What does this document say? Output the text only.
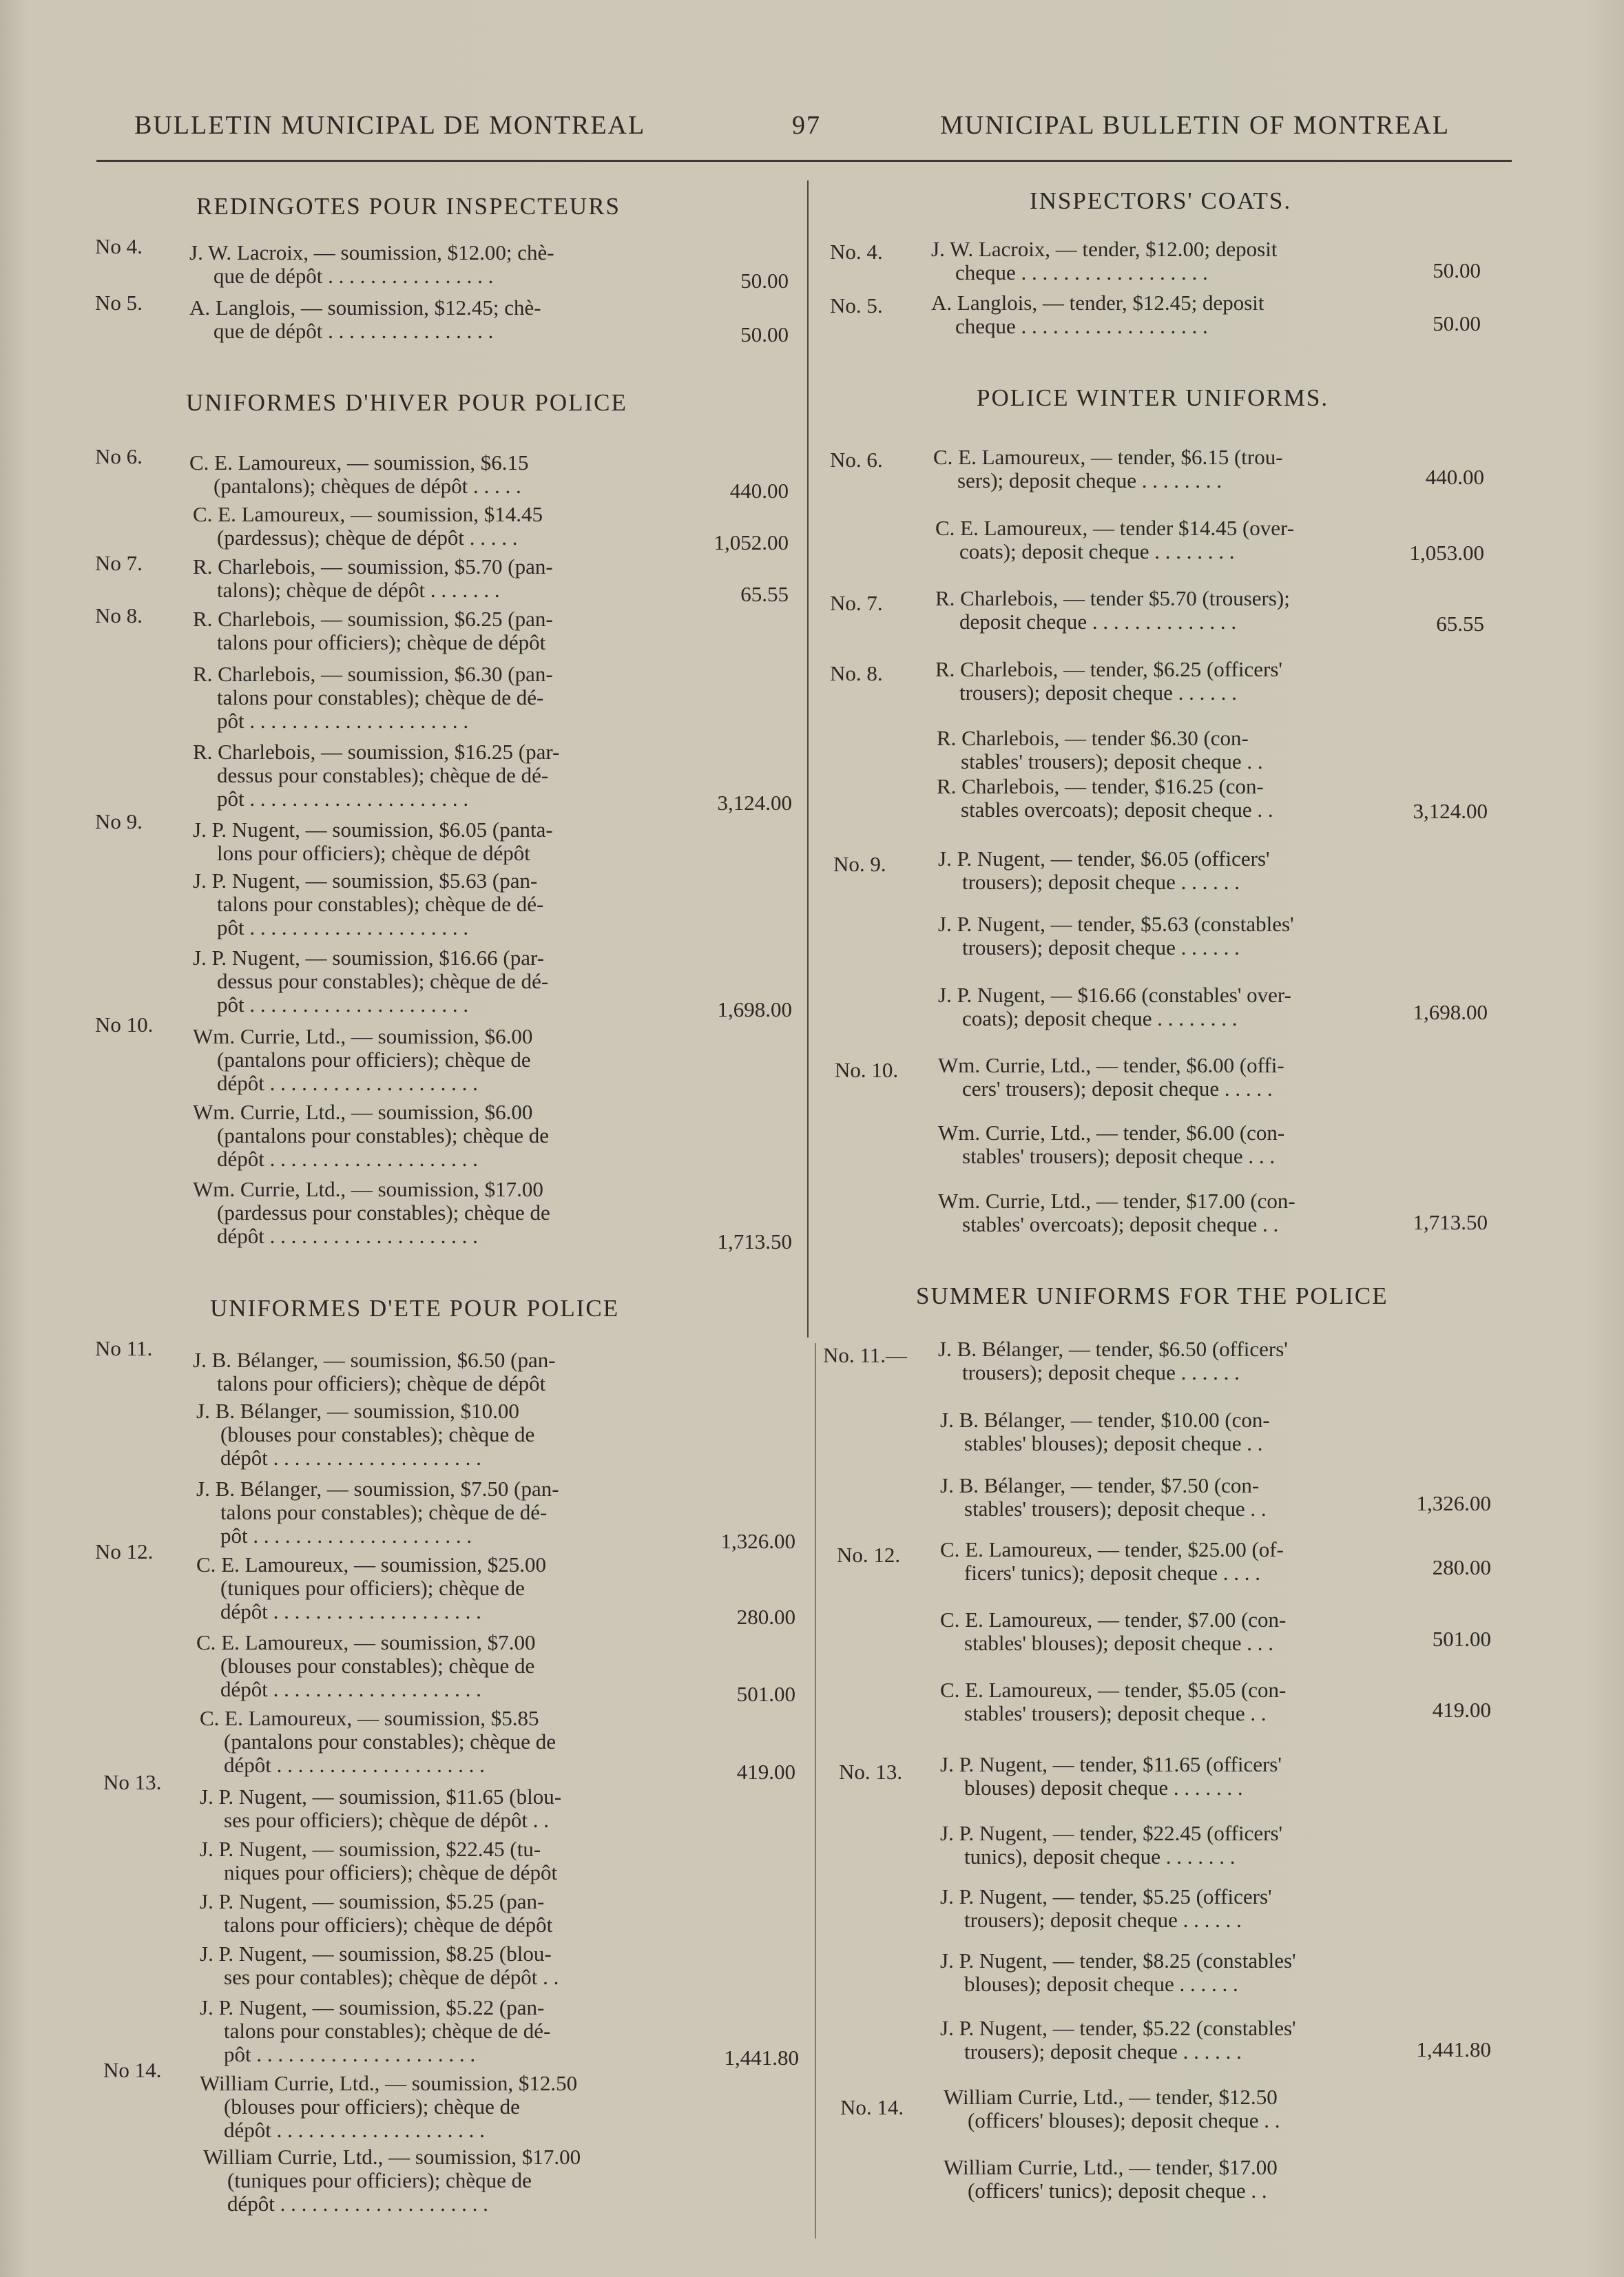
BULLETIN MUNICIPAL DE MONTREAL	97	MUNICIPAL BULLETIN OF MONTREAL
REDINGOTES POUR INSPECTEURS
UNIFORMES D'HIVER POUR POLICE
UNIFORMES D'ETE POUR POLICE
No 4.
No 5.
No 6.
No 7.
No 8.
No 9.
No 10.
No 11.
No 12.
No 13.
No 14.
J. W. Lacroix, — soumission, $12.00; chè-
que de dépôt . . . . . . . . . . . . . . . .
A. Langlois, — soumission, $12.45; chè-
que de dépôt . . . . . . . . . . . . . . . .
C. E. Lamoureux, — soumission, $6.15
(pantalons); chèques de dépôt . . . . .
C. E. Lamoureux, — soumission, $14.45
(pardessus); chèque de dépôt . . . . .
R. Charlebois, — soumission, $5.70 (pan-
talons); chèque de dépôt . . . . . . .
R. Charlebois, — soumission, $6.25 (pan-
talons pour officiers); chèque de dépôt
R. Charlebois, — soumission, $6.30 (pan-
talons pour constables); chèque de dé-
pôt . . . . . . . . . . . . . . . . . . . . .
R. Charlebois, — soumission, $16.25 (par-
dessus pour constables); chèque de dé-
pôt . . . . . . . . . . . . . . . . . . . . .
J. P. Nugent, — soumission, $6.05 (panta-
lons pour officiers); chèque de dépôt
J. P. Nugent, — soumission, $5.63 (pan-
talons pour constables); chèque de dé-
pôt . . . . . . . . . . . . . . . . . . . . .
J. P. Nugent, — soumission, $16.66 (par-
dessus pour constables); chèque de dé-
pôt . . . . . . . . . . . . . . . . . . . . .
Wm. Currie, Ltd., — soumission, $6.00
(pantalons pour officiers); chèque de
dépôt . . . . . . . . . . . . . . . . . . . .
Wm. Currie, Ltd., — soumission, $6.00
(pantalons pour constables); chèque de
dépôt . . . . . . . . . . . . . . . . . . . .
Wm. Currie, Ltd., — soumission, $17.00
(pardessus pour constables); chèque de
dépôt . . . . . . . . . . . . . . . . . . . .
J. B. Bélanger, — soumission, $6.50 (pan-
talons pour officiers); chèque de dépôt
J. B. Bélanger, — soumission, $10.00
(blouses pour constables); chèque de
dépôt . . . . . . . . . . . . . . . . . . . .
J. B. Bélanger, — soumission, $7.50 (pan-
talons pour constables); chèque de dé-
pôt . . . . . . . . . . . . . . . . . . . . .
C. E. Lamoureux, — soumission, $25.00
(tuniques pour officiers); chèque de
dépôt . . . . . . . . . . . . . . . . . . . .
C. E. Lamoureux, — soumission, $7.00
(blouses pour constables); chèque de
dépôt . . . . . . . . . . . . . . . . . . . .
C. E. Lamoureux, — soumission, $5.85
(pantalons pour constables); chèque de
dépôt . . . . . . . . . . . . . . . . . . . .
J. P. Nugent, — soumission, $11.65 (blou-
ses pour officiers); chèque de dépôt . .
J. P. Nugent, — soumission, $22.45 (tu-
niques pour officiers); chèque de dépôt
J. P. Nugent, — soumission, $5.25 (pan-
talons pour officiers); chèque de dépôt
J. P. Nugent, — soumission, $8.25 (blou-
ses pour contables); chèque de dépôt . .
J. P. Nugent, — soumission, $5.22 (pan-
talons pour constables); chèque de dé-
pôt . . . . . . . . . . . . . . . . . . . . .
William Currie, Ltd., — soumission, $12.50
(blouses pour officiers); chèque de
dépôt . . . . . . . . . . . . . . . . . . . .
William Currie, Ltd., — soumission, $17.00
(tuniques pour officiers); chèque de
dépôt . . . . . . . . . . . . . . . . . . . .
50.00
50.00
440.00
1,052.00
65.55
3,124.00
1,698.00
1,713.50
1,326.00
280.00
501.00
419.00
1,441.80
INSPECTORS' COATS.
POLICE WINTER UNIFORMS.
SUMMER UNIFORMS FOR THE POLICE
No. 4.
No. 5.
No. 6.
No. 7.
No. 8.
No. 9.
No. 10.
No. 11.—
No. 12.
No. 13.
No. 14.
J. W. Lacroix, — tender, $12.00; deposit
cheque . . . . . . . . . . . . . . . . . .
A. Langlois, — tender, $12.45; deposit
cheque . . . . . . . . . . . . . . . . . .
C. E. Lamoureux, — tender, $6.15 (trou-
sers); deposit cheque . . . . . . . .
C. E. Lamoureux, — tender $14.45 (over-
coats); deposit cheque . . . . . . . .
R. Charlebois, — tender $5.70 (trousers);
deposit cheque . . . . . . . . . . . . . .
R. Charlebois, — tender, $6.25 (officers'
trousers); deposit cheque . . . . . .
R. Charlebois, — tender $6.30 (con-
stables' trousers); deposit cheque . .
R. Charlebois, — tender, $16.25 (con-
stables overcoats); deposit cheque . .
J. P. Nugent, — tender, $6.05 (officers'
trousers); deposit cheque . . . . . .
J. P. Nugent, — tender, $5.63 (constables'
trousers); deposit cheque . . . . . .
J. P. Nugent, — $16.66 (constables' over-
coats); deposit cheque . . . . . . . .
Wm. Currie, Ltd., — tender, $6.00 (offi-
cers' trousers); deposit cheque . . . . .
Wm. Currie, Ltd., — tender, $6.00 (con-
stables' trousers); deposit cheque . . .
Wm. Currie, Ltd., — tender, $17.00 (con-
stables' overcoats); deposit cheque . .
J. B. Bélanger, — tender, $6.50 (officers'
trousers); deposit cheque . . . . . .
J. B. Bélanger, — tender, $10.00 (con-
stables' blouses); deposit cheque . .
J. B. Bélanger, — tender, $7.50 (con-
stables' trousers); deposit cheque . .
C. E. Lamoureux, — tender, $25.00 (of-
ficers' tunics); deposit cheque . . . .
C. E. Lamoureux, — tender, $7.00 (con-
stables' blouses); deposit cheque . . .
C. E. Lamoureux, — tender, $5.05 (con-
stables' trousers); deposit cheque . .
J. P. Nugent, — tender, $11.65 (officers'
blouses) deposit cheque . . . . . . .
J. P. Nugent, — tender, $22.45 (officers'
tunics), deposit cheque . . . . . . .
J. P. Nugent, — tender, $5.25 (officers'
trousers); deposit cheque . . . . . .
J. P. Nugent, — tender, $8.25 (constables'
blouses); deposit cheque . . . . . .
J. P. Nugent, — tender, $5.22 (constables'
trousers); deposit cheque . . . . . .
William Currie, Ltd., — tender, $12.50
(officers' blouses); deposit cheque . .
William Currie, Ltd., — tender, $17.00
(officers' tunics); deposit cheque . .
50.00
50.00
440.00
1,053.00
65.55
3,124.00
1,698.00
1,713.50
1,326.00
280.00
501.00
419.00
1,441.80
